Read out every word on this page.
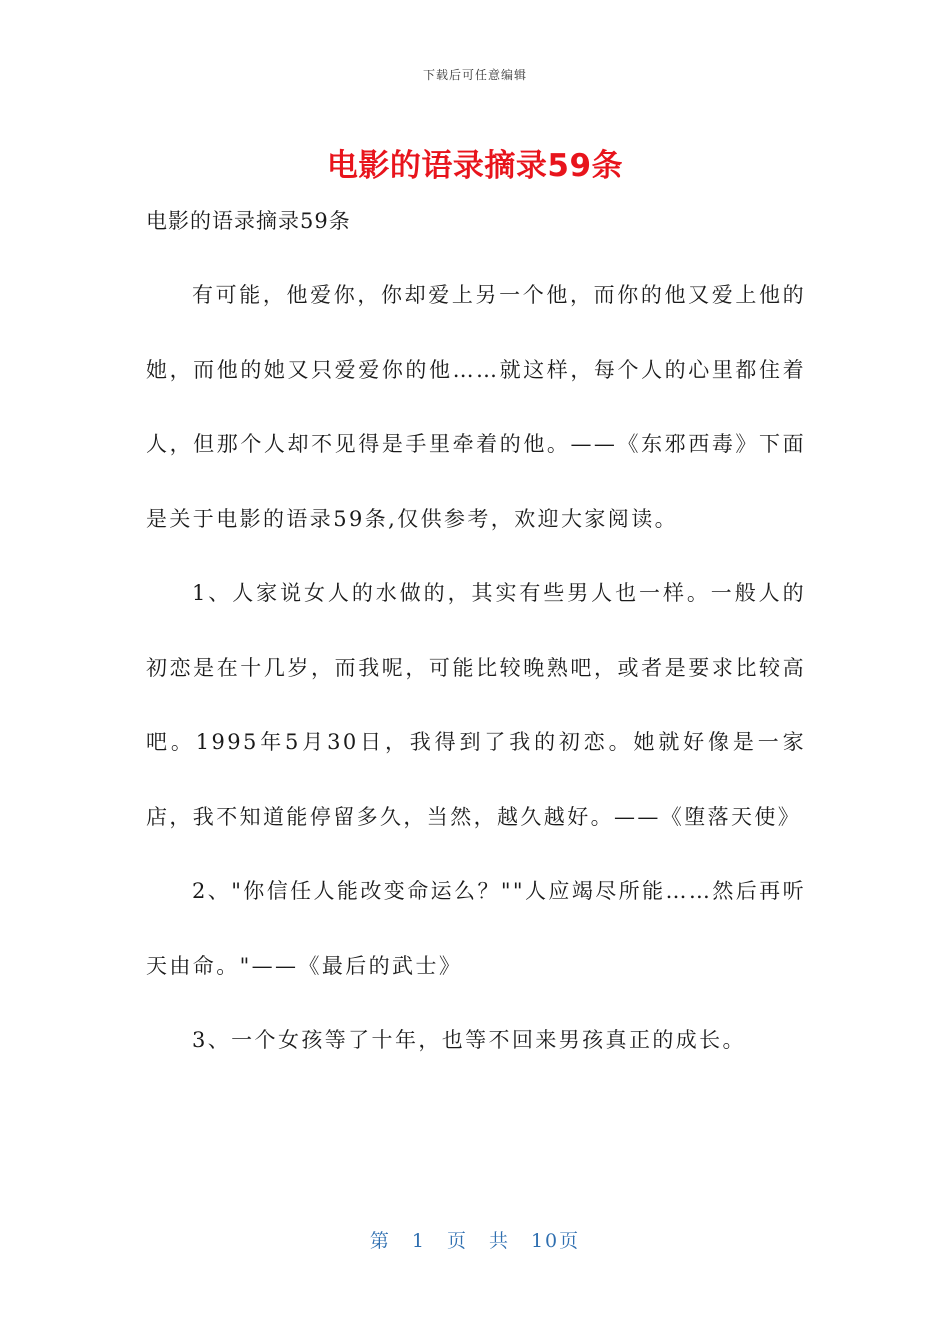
下载后可任意编辑
电影的语录摘录59条

电影的语录摘录59条

有可能，他爱你，你却爱上另一个他，而你的他又爱上他的她，而他的她又只爱爱你的他……就这样，每个人的心里都住着人，但那个人却不见得是手里牵着的他。——《东邪西毒》下面是关于电影的语录59条,仅供参考，欢迎大家阅读。

1、人家说女人的水做的，其实有些男人也一样。一般人的初恋是在十几岁，而我呢，可能比较晚熟吧，或者是要求比较高吧。1995年5月30日，我得到了我的初恋。她就好像是一家店，我不知道能停留多久，当然，越久越好。——《堕落天使》

2、"你信任人能改变命运么？""人应竭尽所能……然后再听天由命。"——《最后的武士》

3、一个女孩等了十年，也等不回来男孩真正的成长。

第　1　页　共　10页
